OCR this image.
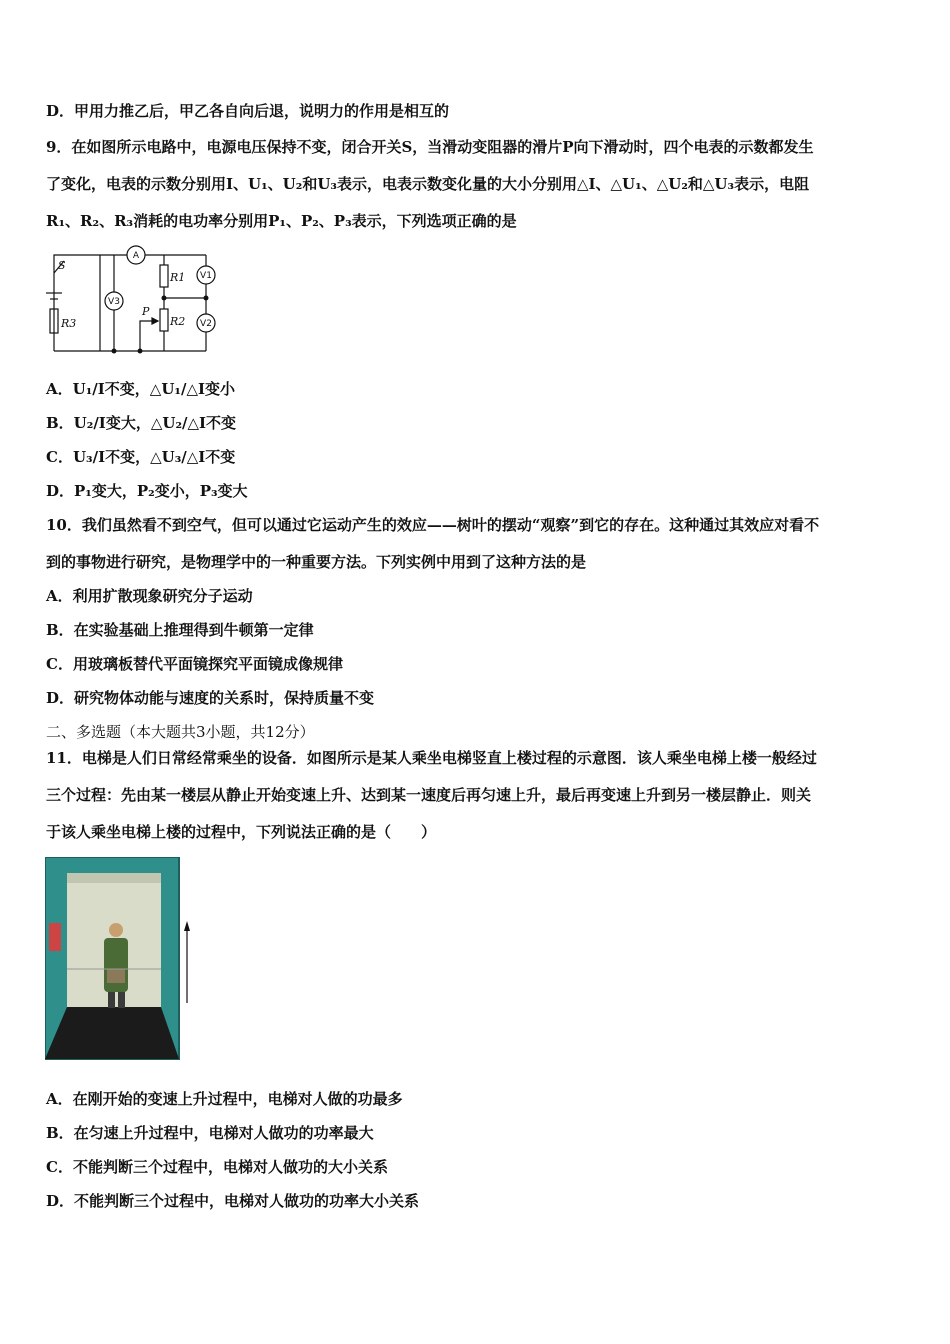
D．甲用力推乙后，甲乙各自向后退，说明力的作用是相互的
9．在如图所示电路中，电源电压保持不变，闭合开关S，当滑动变阻器的滑片P向下滑动时，四个电表的示数都发生
了变化，电表的示数分别用I、U₁、U₂和U₃表示，电表示数变化量的大小分别用△I、△U₁、△U₂和△U₃表示，电阻
R₁、R₂、R₃消耗的电功率分别用P₁、P₂、P₃表示，下列选项正确的是
S
R3
R1
R2
P
A
V3
V1
V2
A．U₁/I不变，△U₁/△I变小
B．U₂/I变大，△U₂/△I不变
C．U₃/I不变，△U₃/△I不变
D．P₁变大，P₂变小，P₃变大
10．我们虽然看不到空气，但可以通过它运动产生的效应——树叶的摆动“观察”到它的存在。这种通过其效应对看不
到的事物进行研究，是物理学中的一种重要方法。下列实例中用到了这种方法的是
A．利用扩散现象研究分子运动
B．在实验基础上推理得到牛顿第一定律
C．用玻璃板替代平面镜探究平面镜成像规律
D．研究物体动能与速度的关系时，保持质量不变
二、多选题（本大题共3小题，共12分）
11．电梯是人们日常经常乘坐的设备．如图所示是某人乘坐电梯竖直上楼过程的示意图．该人乘坐电梯上楼一般经过
三个过程：先由某一楼层从静止开始变速上升、达到某一速度后再匀速上升，最后再变速上升到另一楼层静止．则关
于该人乘坐电梯上楼的过程中，下列说法正确的是（　　）
A．在刚开始的变速上升过程中，电梯对人做的功最多
B．在匀速上升过程中，电梯对人做功的功率最大
C．不能判断三个过程中，电梯对人做功的大小关系
D．不能判断三个过程中，电梯对人做功的功率大小关系
